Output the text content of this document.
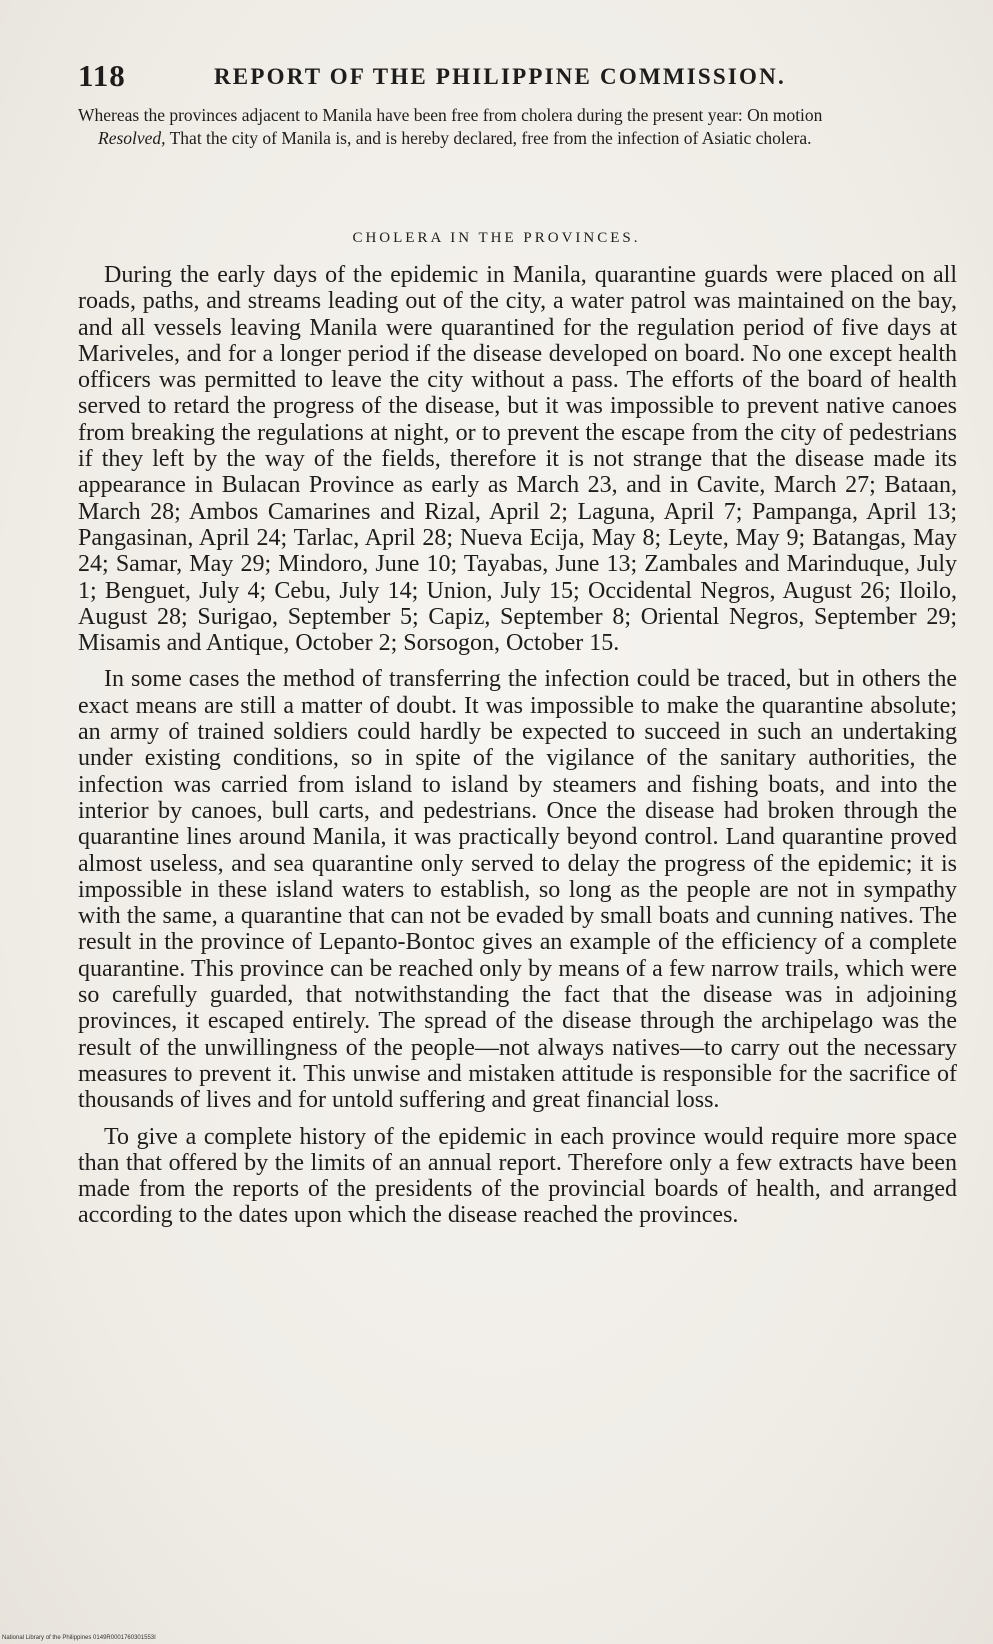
118	REPORT OF THE PHILIPPINE COMMISSION.

Whereas the provinces adjacent to Manila have been free from cholera during the present year: On motion

Resolved, That the city of Manila is, and is hereby declared, free from the infection of Asiatic cholera.

CHOLERA IN THE PROVINCES.

During the early days of the epidemic in Manila, quarantine guards were placed on all roads, paths, and streams leading out of the city, a water patrol was maintained on the bay, and all vessels leaving Manila were quarantined for the regulation period of five days at Mariveles, and for a longer period if the disease developed on board. No one except health officers was permitted to leave the city without a pass. The efforts of the board of health served to retard the progress of the disease, but it was impossible to prevent native canoes from breaking the regulations at night, or to prevent the escape from the city of pedestrians if they left by the way of the fields, therefore it is not strange that the disease made its appearance in Bulacan Province as early as March 23, and in Cavite, March 27; Bataan, March 28; Ambos Camarines and Rizal, April 2; Laguna, April 7; Pampanga, April 13; Pangasinan, April 24; Tarlac, April 28; Nueva Ecija, May 8; Leyte, May 9; Batangas, May 24; Samar, May 29; Mindoro, June 10; Tayabas, June 13; Zambales and Marinduque, July 1; Benguet, July 4; Cebu, July 14; Union, July 15; Occidental Negros, August 26; Iloilo, August 28; Surigao, September 5; Capiz, September 8; Oriental Negros, September 29; Misamis and Antique, October 2; Sorsogon, October 15.

In some cases the method of transferring the infection could be traced, but in others the exact means are still a matter of doubt. It was impossible to make the quarantine absolute; an army of trained soldiers could hardly be expected to succeed in such an undertaking under existing conditions, so in spite of the vigilance of the sanitary authorities, the infection was carried from island to island by steamers and fishing boats, and into the interior by canoes, bull carts, and pedestrians. Once the disease had broken through the quarantine lines around Manila, it was practically beyond control. Land quarantine proved almost useless, and sea quarantine only served to delay the progress of the epidemic; it is impossible in these island waters to establish, so long as the people are not in sympathy with the same, a quarantine that can not be evaded by small boats and cunning natives. The result in the province of Lepanto-Bontoc gives an example of the efficiency of a complete quarantine. This province can be reached only by means of a few narrow trails, which were so carefully guarded, that notwithstanding the fact that the disease was in adjoining provinces, it escaped entirely. The spread of the disease through the archipelago was the result of the unwillingness of the people—not always natives—to carry out the necessary measures to prevent it. This unwise and mistaken attitude is responsible for the sacrifice of thousands of lives and for untold suffering and great financial loss.

To give a complete history of the epidemic in each province would require more space than that offered by the limits of an annual report. Therefore only a few extracts have been made from the reports of the presidents of the provincial boards of health, and arranged according to the dates upon which the disease reached the provinces.

National Library of the Philippines 0149R0001760301553I
